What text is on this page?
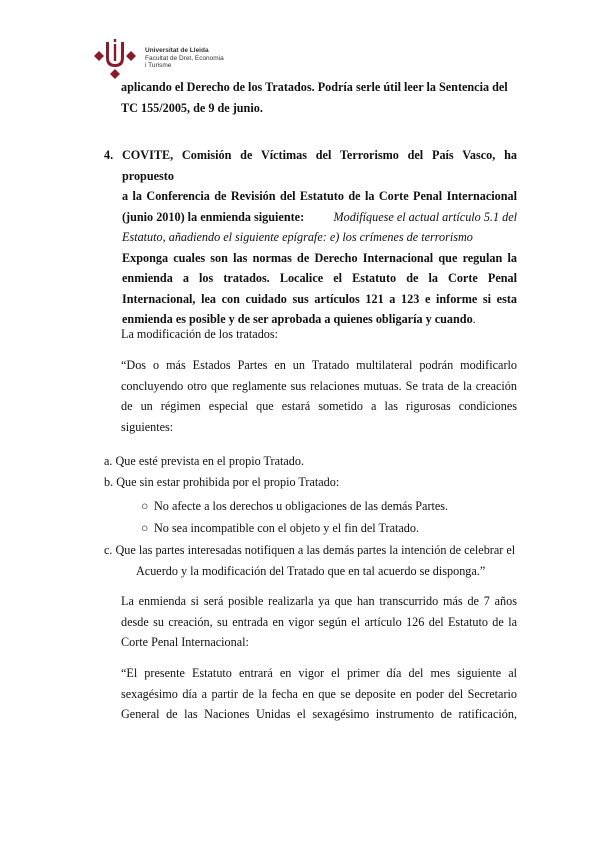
Universitat de Lleida
Facultat de Dret, Economia
i Turisme
aplicando el Derecho de los Tratados. Podría serle útil leer la Sentencia del
TC 155/2005, de 9 de junio.
4. COVITE, Comisión de Víctimas del Terrorismo del País Vasco, ha propuesto
a la Conferencia de Revisión del Estatuto de la Corte Penal Internacional
(junio 2010) la enmienda siguiente: Modifíquese el actual artículo 5.1 del
Estatuto, añadiendo el siguiente epígrafe: e) los crímenes de terrorismo
Exponga cuales son las normas de Derecho Internacional que regulan la
enmienda a los tratados. Localice el Estatuto de la Corte Penal
Internacional, lea con cuidado sus artículos 121 a 123 e informe si esta
enmienda es posible y de ser aprobada a quienes obligaría y cuando.
La modificación de los tratados:
“Dos o más Estados Partes en un Tratado multilateral podrán modificarlo
concluyendo otro que reglamente sus relaciones mutuas. Se trata de la creación
de un régimen especial que estará sometido a las rigurosas condiciones
siguientes:
a. Que esté prevista en el propio Tratado.
b. Que sin estar prohibida por el propio Tratado:
○ No afecte a los derechos u obligaciones de las demás Partes.
○ No sea incompatible con el objeto y el fin del Tratado.
c. Que las partes interesadas notifiquen a las demás partes la intención de celebrar el
Acuerdo y la modificación del Tratado que en tal acuerdo se disponga.”
La enmienda si será posible realizarla ya que han transcurrido más de 7 años
desde su creación, su entrada en vigor según el artículo 126 del Estatuto de la
Corte Penal Internacional:
“El presente Estatuto entrará en vigor el primer día del mes siguiente al
sexagésimo día a partir de la fecha en que se deposite en poder del Secretario
General de las Naciones Unidas el sexagésimo instrumento de ratificación,
